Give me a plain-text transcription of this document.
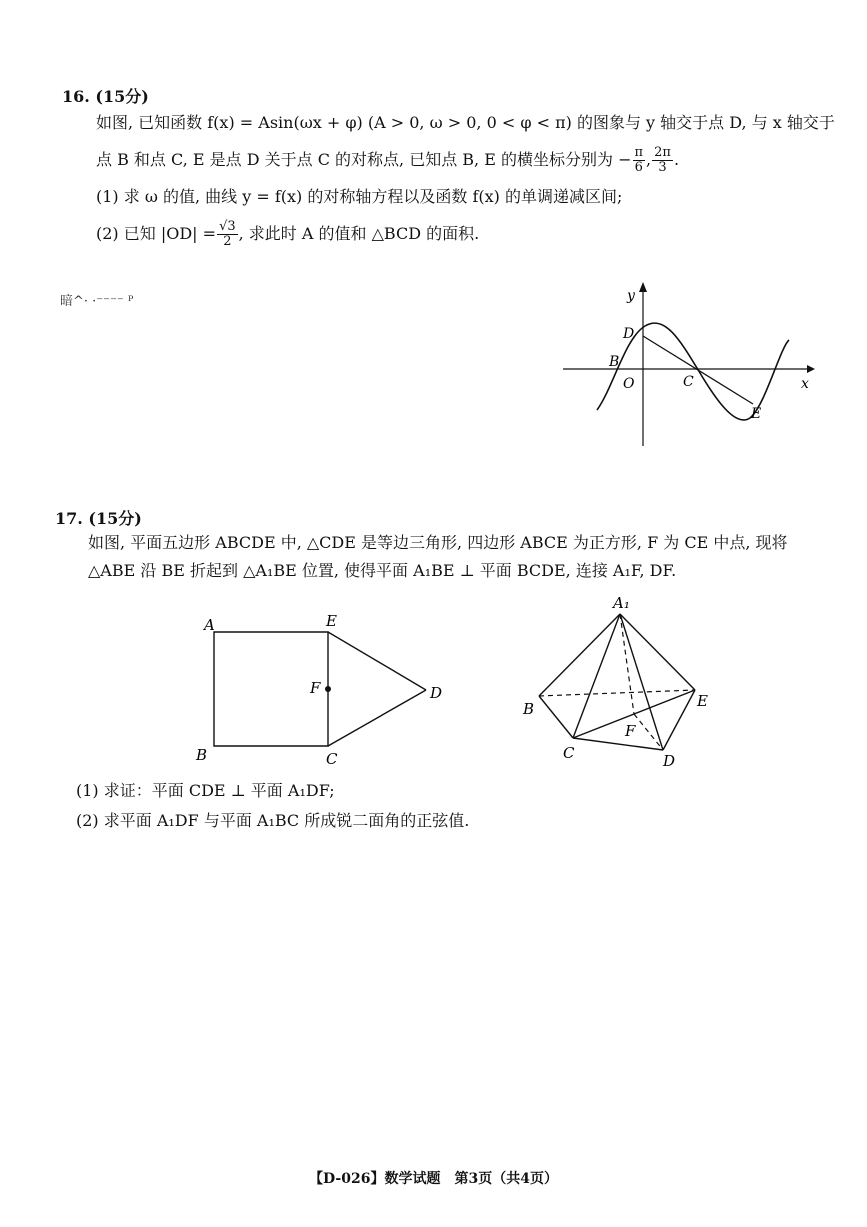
16. (15分)
如图, 已知函数 f(x) = Asin(ωx + φ) (A > 0, ω > 0, 0 < φ < π) 的图象与 y 轴交于点 D, 与 x 轴交于
点 B 和点 C, E 是点 D 关于点 C 的对称点, 已知点 B, E 的横坐标分别为 − $\frac{\pi}{6}$ , $\frac{2\pi}{3}$ .
(1) 求 ω 的值, 曲线 y = f(x) 的对称轴方程以及函数 f(x) 的单调递减区间;
(2) 已知 $|OD| = \frac{√3}{2}$ , 求此时 A 的值和 △BCD 的面积.
暗^· ·⁻⁻⁻⁻ ᴾ	y
x
D
B
O	C
E
17. (15分)
如图, 平面五边形 ABCDE 中, △CDE 是等边三角形, 四边形 ABCE 为正方形, F 为 CE 中点, 现将
△ABE 沿 BE 折起到 △A₁BE 位置, 使得平面 A₁BE ⊥ 平面 BCDE, 连接 A₁F, DF.
A	E
F	D
B	C
A₁
B	E
C
F
D
(1) 求证：平面 CDE ⊥ 平面 A₁DF;
(2) 求平面 A₁DF 与平面 A₁BC 所成锐二面角的正弦值.
【D-026】数学试题　第3页（共4页）
